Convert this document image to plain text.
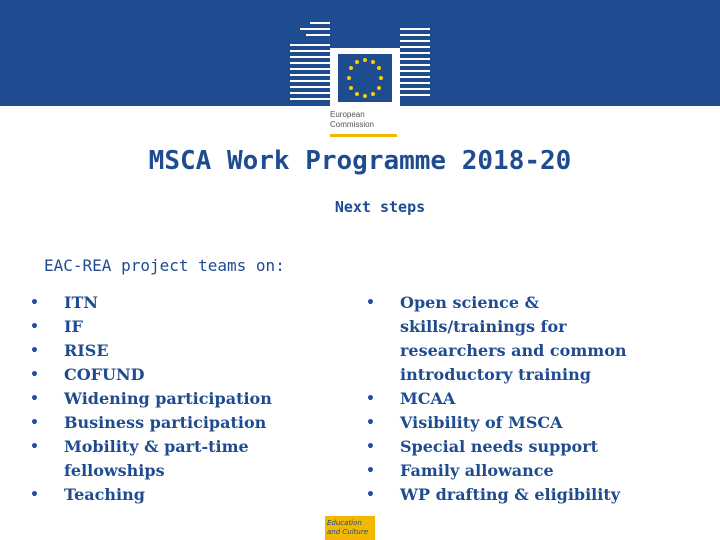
European
Commission
MSCA Work Programme 2018-20
Next steps
EAC-REA project teams on:
• ITN
• IF
• RISE
• COFUND
• Widening participation
• Business participation
• Mobility & part-time fellowships
• Teaching
• Open science & skills/trainings for researchers and common introductory training
• MCAA
• Visibility of MSCA
• Special needs support
• Family allowance
• WP drafting & eligibility
Education
and Culture
